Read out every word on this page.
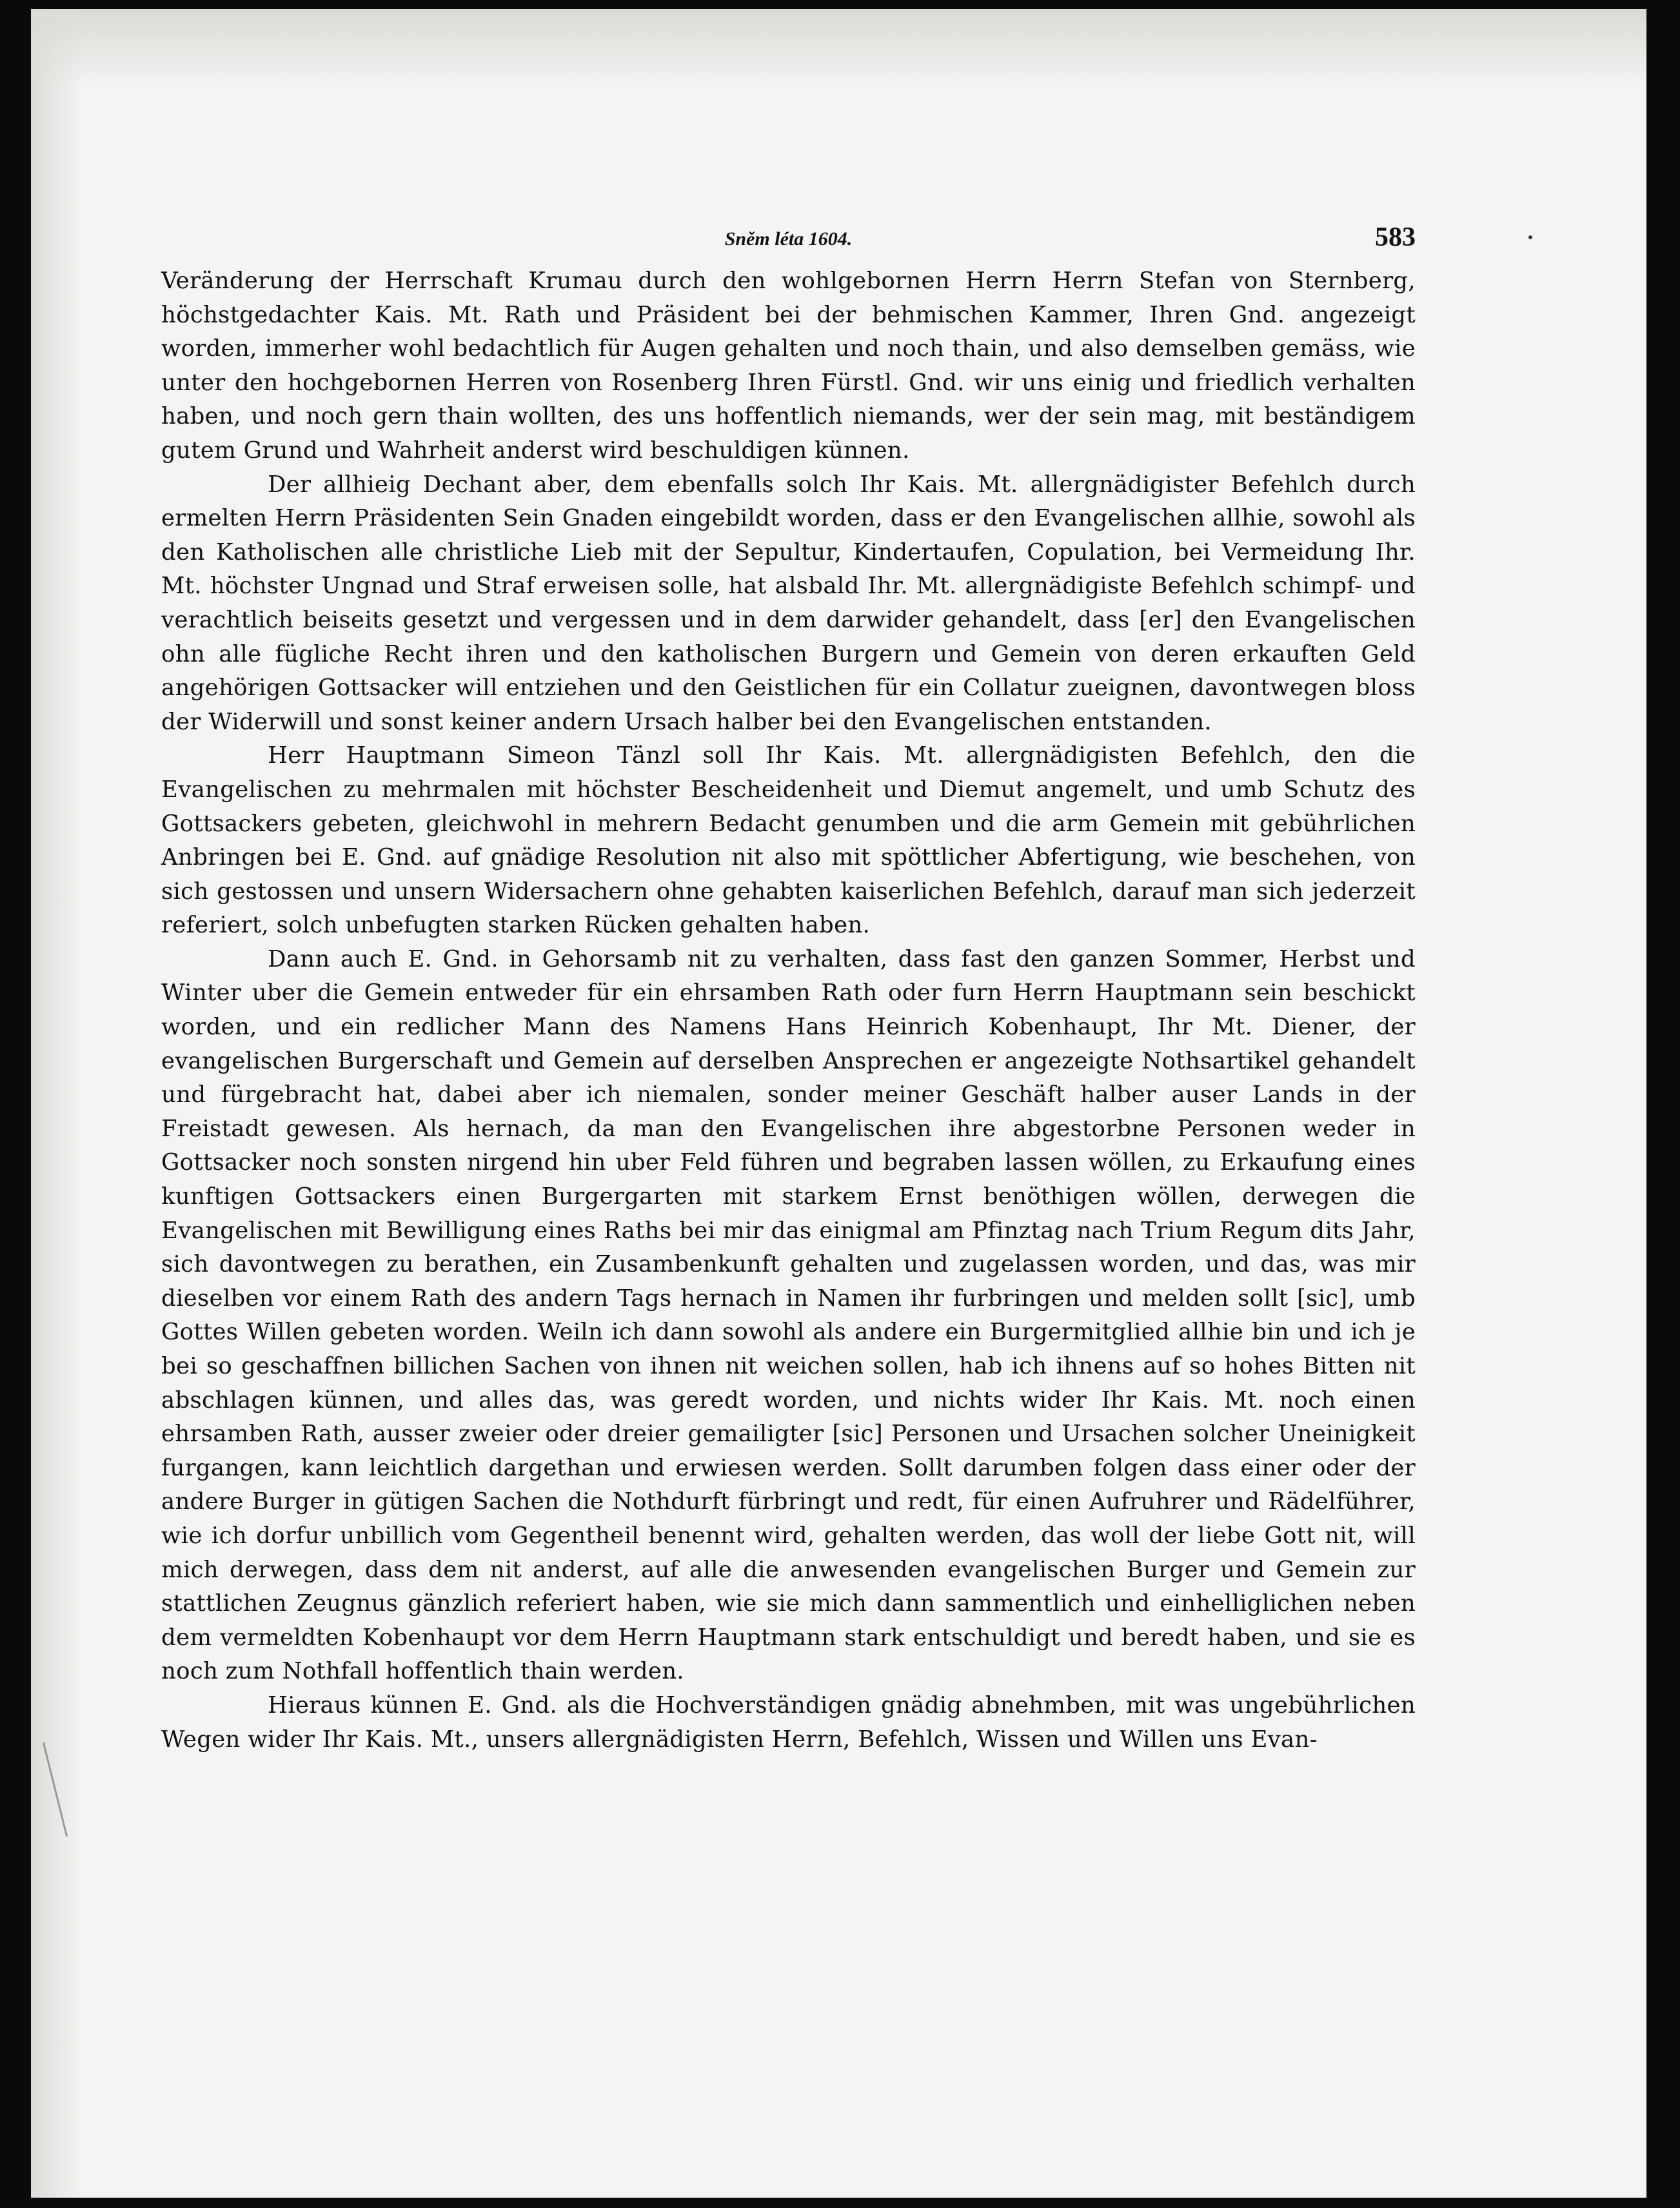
Sněm léta 1604.	583

Veränderung der Herrschaft Krumau durch den wohlgebornen Herrn Herrn Stefan von Sternberg, höchstgedachter Kais. Mt. Rath und Präsident bei der behmischen Kammer, Ihren Gnd. angezeigt worden, immerher wohl bedachtlich für Augen gehalten und noch thain, und also demselben gemäss, wie unter den hochgebornen Herren von Rosenberg Ihren Fürstl. Gnd. wir uns einig und friedlich verhalten haben, und noch gern thain wollten, des uns hoffentlich niemands, wer der sein mag, mit beständigem gutem Grund und Wahrheit anderst wird beschuldigen künnen.

Der allhieig Dechant aber, dem ebenfalls solch Ihr Kais. Mt. allergnädigister Befehlch durch ermelten Herrn Präsidenten Sein Gnaden eingebildt worden, dass er den Evangelischen allhie, sowohl als den Katholischen alle christliche Lieb mit der Sepultur, Kindertaufen, Copulation, bei Vermeidung Ihr. Mt. höchster Ungnad und Straf erweisen solle, hat alsbald Ihr. Mt. allergnädigiste Befehlch schimpf- und verachtlich beiseits gesetzt und vergessen und in dem darwider gehandelt, dass [er] den Evangelischen ohn alle fügliche Recht ihren und den katholischen Burgern und Gemein von deren erkauften Geld angehörigen Gottsacker will entziehen und den Geistlichen für ein Collatur zueignen, davontwegen bloss der Widerwill und sonst keiner andern Ursach halber bei den Evangelischen entstanden.

Herr Hauptmann Simeon Tänzl soll Ihr Kais. Mt. allergnädigisten Befehlch, den die Evangelischen zu mehrmalen mit höchster Bescheidenheit und Diemut angemelt, und umb Schutz des Gottsackers gebeten, gleichwohl in mehrern Bedacht genumben und die arm Gemein mit gebührlichen Anbringen bei E. Gnd. auf gnädige Resolution nit also mit spöttlicher Abfertigung, wie beschehen, von sich gestossen und unsern Widersachern ohne gehabten kaiserlichen Befehlch, darauf man sich jederzeit referiert, solch unbefugten starken Rücken gehalten haben.

Dann auch E. Gnd. in Gehorsamb nit zu verhalten, dass fast den ganzen Sommer, Herbst und Winter uber die Gemein entweder für ein ehrsamben Rath oder furn Herrn Hauptmann sein beschickt worden, und ein redlicher Mann des Namens Hans Heinrich Kobenhaupt, Ihr Mt. Diener, der evangelischen Burgerschaft und Gemein auf derselben Ansprechen er angezeigte Nothsartikel gehandelt und fürgebracht hat, dabei aber ich niemalen, sonder meiner Geschäft halber auser Lands in der Freistadt gewesen. Als hernach, da man den Evangelischen ihre abgestorbne Personen weder in Gottsacker noch sonsten nirgend hin uber Feld führen und begraben lassen wöllen, zu Erkaufung eines kunftigen Gottsackers einen Burgergarten mit starkem Ernst benöthigen wöllen, derwegen die Evangelischen mit Bewilligung eines Raths bei mir das einigmal am Pfinztag nach Trium Regum dits Jahr, sich davontwegen zu berathen, ein Zusambenkunft gehalten und zugelassen worden, und das, was mir dieselben vor einem Rath des andern Tags hernach in Namen ihr furbringen und melden sollt [sic], umb Gottes Willen gebeten worden. Weiln ich dann sowohl als andere ein Burgermitglied allhie bin und ich je bei so geschaffnen billichen Sachen von ihnen nit weichen sollen, hab ich ihnens auf so hohes Bitten nit abschlagen künnen, und alles das, was geredt worden, und nichts wider Ihr Kais. Mt. noch einen ehrsamben Rath, ausser zweier oder dreier gemailigter [sic] Personen und Ursachen solcher Uneinigkeit furgangen, kann leichtlich dargethan und erwiesen werden. Sollt darumben folgen dass einer oder der andere Burger in gütigen Sachen die Nothdurft fürbringt und redt, für einen Aufruhrer und Rädelführer, wie ich dorfur unbillich vom Gegentheil benennt wird, gehalten werden, das woll der liebe Gott nit, will mich derwegen, dass dem nit anderst, auf alle die anwesenden evangelischen Burger und Gemein zur stattlichen Zeugnus gänzlich referiert haben, wie sie mich dann sammentlich und einhelliglichen neben dem vermeldten Kobenhaupt vor dem Herrn Hauptmann stark entschuldigt und beredt haben, und sie es noch zum Nothfall hoffentlich thain werden.

Hieraus künnen E. Gnd. als die Hochverständigen gnädig abnehmben, mit was ungebührlichen Wegen wider Ihr Kais. Mt., unsers allergnädigisten Herrn, Befehlch, Wissen und Willen uns Evan-
